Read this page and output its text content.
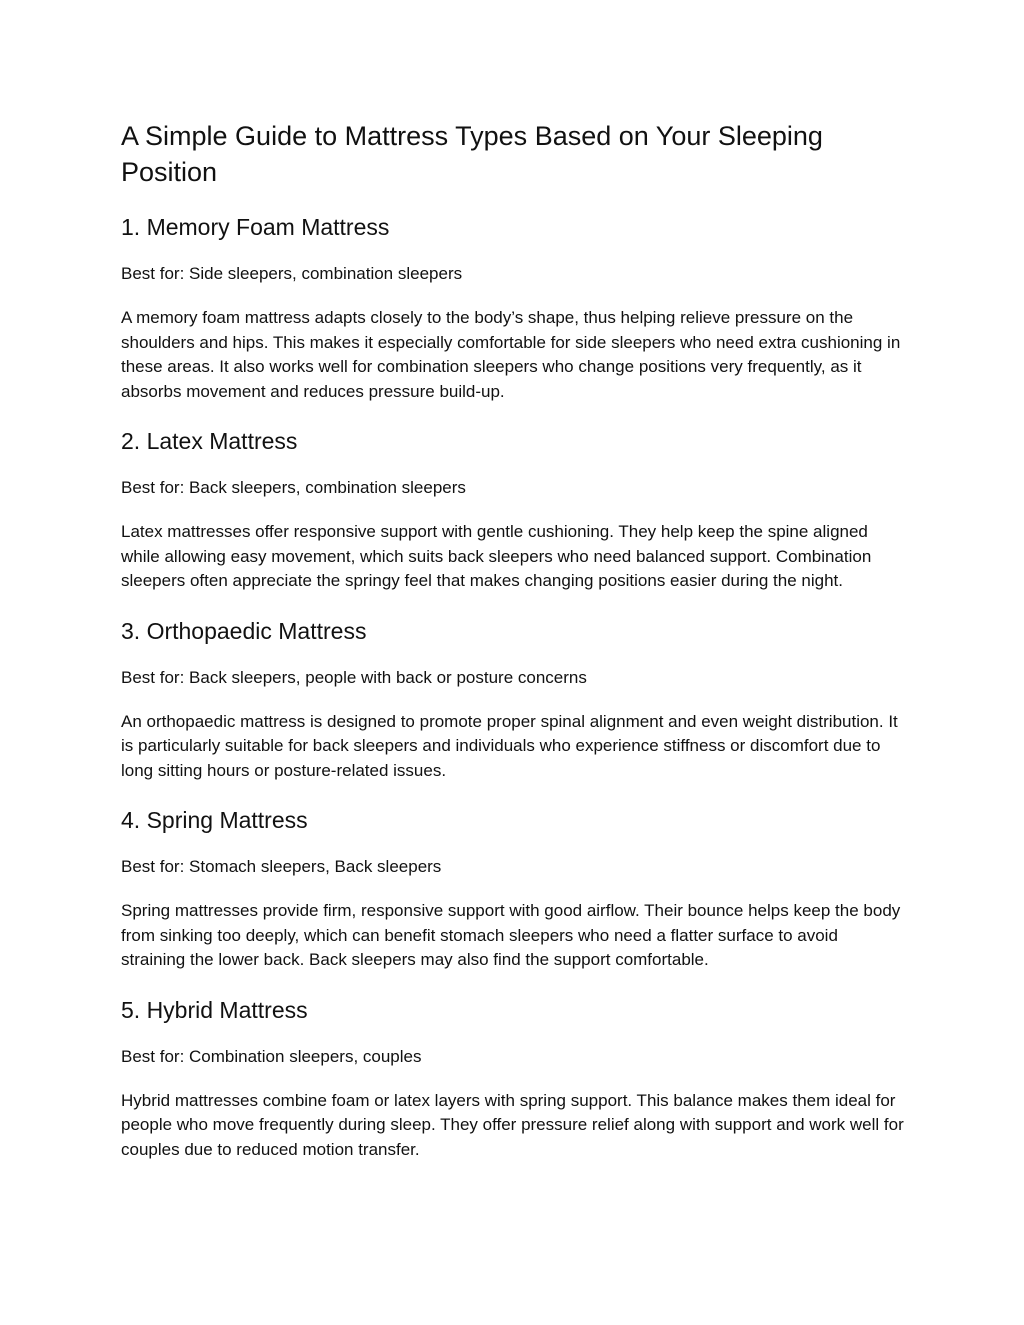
A Simple Guide to Mattress Types Based on Your Sleeping Position
1. Memory Foam Mattress

Best for: Side sleepers, combination sleepers

A memory foam mattress adapts closely to the body’s shape, thus helping relieve pressure on the shoulders and hips. This makes it especially comfortable for side sleepers who need extra cushioning in these areas. It also works well for combination sleepers who change positions very frequently, as it absorbs movement and reduces pressure build-up.

2. Latex Mattress

Best for: Back sleepers, combination sleepers

Latex mattresses offer responsive support with gentle cushioning. They help keep the spine aligned while allowing easy movement, which suits back sleepers who need balanced support. Combination sleepers often appreciate the springy feel that makes changing positions easier during the night.

3. Orthopaedic Mattress

Best for: Back sleepers, people with back or posture concerns

An orthopaedic mattress is designed to promote proper spinal alignment and even weight distribution. It is particularly suitable for back sleepers and individuals who experience stiffness or discomfort due to long sitting hours or posture-related issues.

4. Spring Mattress

Best for: Stomach sleepers, Back sleepers

Spring mattresses provide firm, responsive support with good airflow. Their bounce helps keep the body from sinking too deeply, which can benefit stomach sleepers who need a flatter surface to avoid straining the lower back. Back sleepers may also find the support comfortable.

5. Hybrid Mattress

Best for: Combination sleepers, couples

Hybrid mattresses combine foam or latex layers with spring support. This balance makes them ideal for people who move frequently during sleep. They offer pressure relief along with support and work well for couples due to reduced motion transfer.
